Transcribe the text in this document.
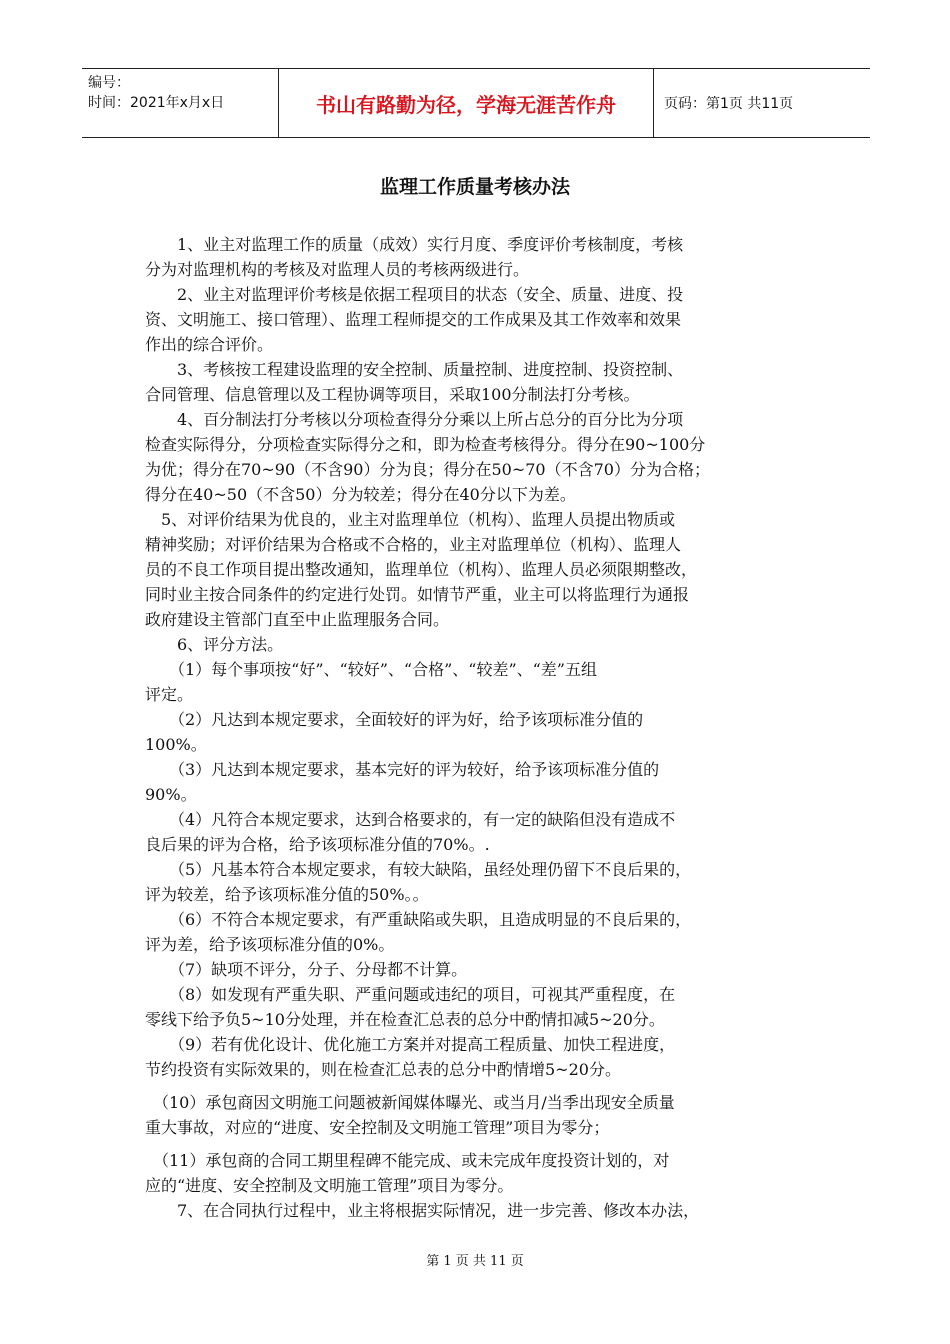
编号：
时间：2021年x月x日	书山有路勤为径，学海无涯苦作舟	页码：第1页 共11页
监理工作质量考核办法

　　1、业主对监理工作的质量（成效）实行月度、季度评价考核制度，考核

分为对监理机构的考核及对监理人员的考核两级进行。

　　2、业主对监理评价考核是依据工程项目的状态（安全、质量、进度、投

资、文明施工、接口管理）、监理工程师提交的工作成果及其工作效率和效果

作出的综合评价。

　　3、考核按工程建设监理的安全控制、质量控制、进度控制、投资控制、

合同管理、信息管理以及工程协调等项目，采取100分制法打分考核。

　　4、百分制法打分考核以分项检查得分分乘以上所占总分的百分比为分项

检查实际得分，分项检查实际得分之和，即为检查考核得分。得分在90~100分

为优；得分在70~90（不含90）分为良；得分在50~70（不含70）分为合格；

得分在40~50（不含50）分为较差；得分在40分以下为差。

　5、对评价结果为优良的，业主对监理单位（机构）、监理人员提出物质或

精神奖励；对评价结果为合格或不合格的，业主对监理单位（机构）、监理人

员的不良工作项目提出整改通知，监理单位（机构）、监理人员必须限期整改，

同时业主按合同条件的约定进行处罚。如情节严重，业主可以将监理行为通报

政府建设主管部门直至中止监理服务合同。

　　6、评分方法。

　　（1）每个事项按“好”、“较好”、“合格”、“较差”、“差”五组

评定。

　　（2）凡达到本规定要求，全面较好的评为好，给予该项标准分值的

100%。

　　（3）凡达到本规定要求，基本完好的评为较好，给予该项标准分值的

90%。

　　（4）凡符合本规定要求，达到合格要求的，有一定的缺陷但没有造成不

良后果的评为合格，给予该项标准分值的70%。.

　　（5）凡基本符合本规定要求，有较大缺陷，虽经处理仍留下不良后果的，

评为较差，给予该项标准分值的50%。。

　　（6）不符合本规定要求，有严重缺陷或失职，且造成明显的不良后果的，

评为差，给予该项标准分值的0%。

　　（7）缺项不评分，分子、分母都不计算。

　　（8）如发现有严重失职、严重问题或违纪的项目，可视其严重程度，在

零线下给予负5~10分处理，并在检查汇总表的总分中酌情扣减5~20分。

　　（9）若有优化设计、优化施工方案并对提高工程质量、加快工程进度，

节约投资有实际效果的，则在检查汇总表的总分中酌情增5~20分。

　（10）承包商因文明施工问题被新闻媒体曝光、或当月/当季出现安全质量

重大事故，对应的“进度、安全控制及文明施工管理”项目为零分；

　（11）承包商的合同工期里程碑不能完成、或未完成年度投资计划的，对

应的“进度、安全控制及文明施工管理”项目为零分。

　　7、在合同执行过程中，业主将根据实际情况，进一步完善、修改本办法，

第 1 页 共 11 页
